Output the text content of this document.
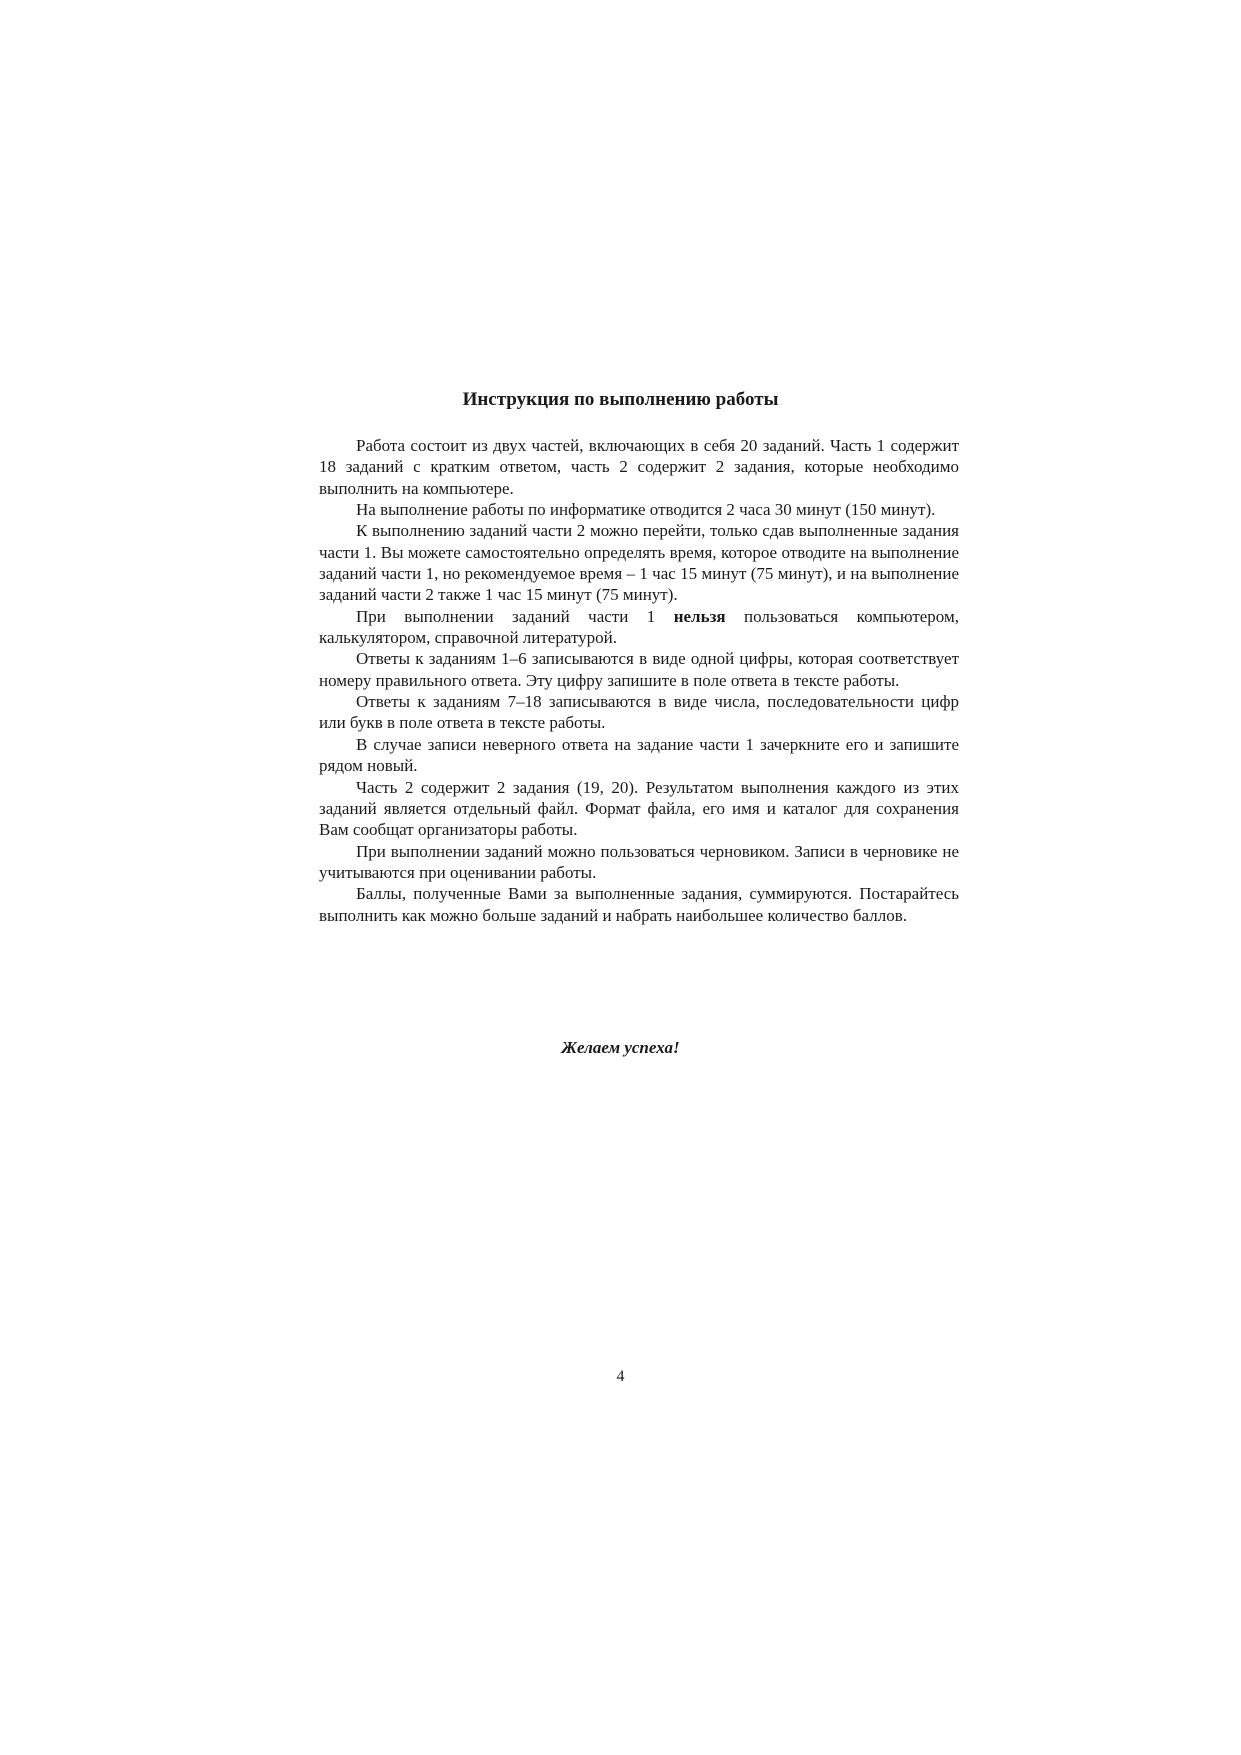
Инструкция по выполнению работы

Работа состоит из двух частей, включающих в себя 20 заданий. Часть 1 содержит 18 заданий с кратким ответом, часть 2 содержит 2 задания, которые необходимо выполнить на компьютере.

На выполнение работы по информатике отводится 2 часа 30 минут (150 минут).

К выполнению заданий части 2 можно перейти, только сдав выполненные задания части 1. Вы можете самостоятельно определять время, которое отводите на выполнение заданий части 1, но рекомендуемое время – 1 час 15 минут (75 минут), и на выполнение заданий части 2 также 1 час 15 минут (75 минут).

При выполнении заданий части 1 нельзя пользоваться компьютером, калькулятором, справочной литературой.

Ответы к заданиям 1–6 записываются в виде одной цифры, которая соответствует номеру правильного ответа. Эту цифру запишите в поле ответа в тексте работы.

Ответы к заданиям 7–18 записываются в виде числа, последовательности цифр или букв в поле ответа в тексте работы.

В случае записи неверного ответа на задание части 1 зачеркните его и запишите рядом новый.

Часть 2 содержит 2 задания (19, 20). Результатом выполнения каждого из этих заданий является отдельный файл. Формат файла, его имя и каталог для сохранения Вам сообщат организаторы работы.

При выполнении заданий можно пользоваться черновиком. Записи в черновике не учитываются при оценивании работы.

Баллы, полученные Вами за выполненные задания, суммируются. Постарайтесь выполнить как можно больше заданий и набрать наибольшее количество баллов.

Желаем успеха!
4
